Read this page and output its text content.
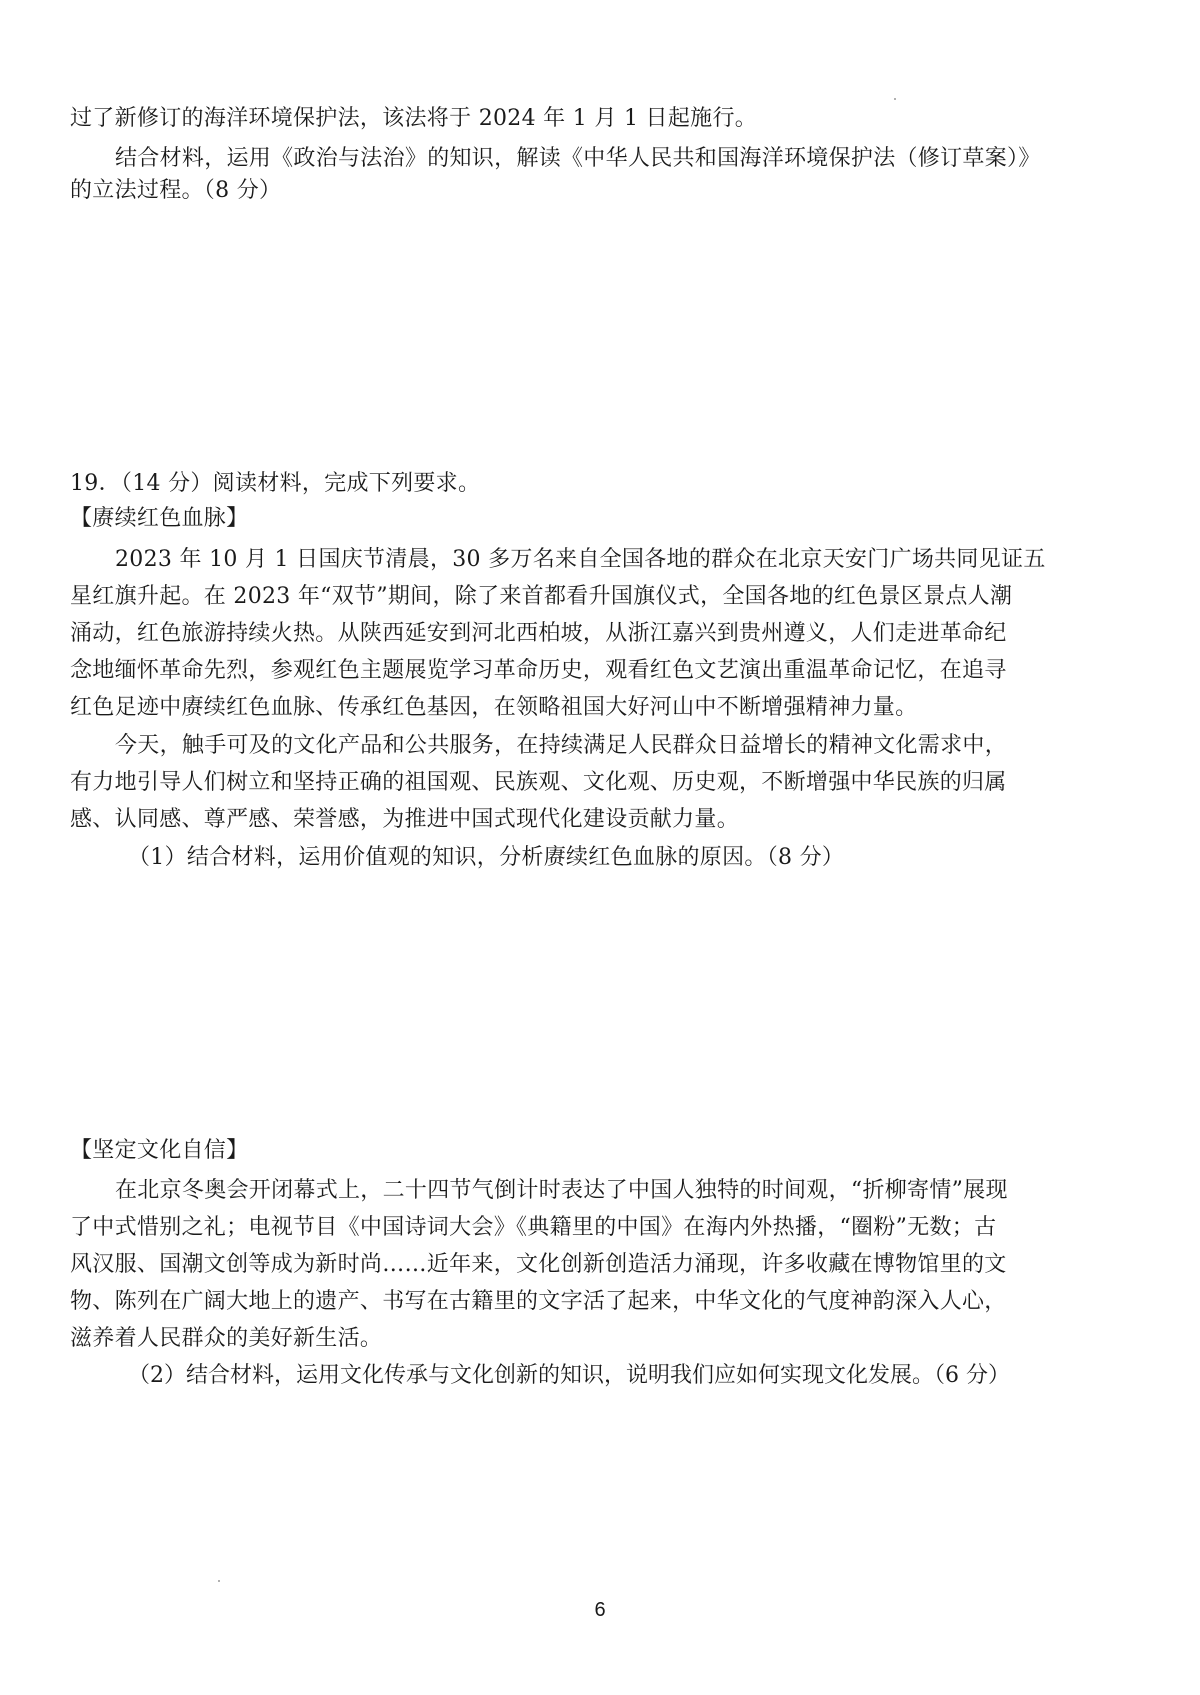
过了新修订的海洋环境保护法，该法将于 2024 年 1 月 1 日起施行。
结合材料，运用《政治与法治》的知识，解读《中华人民共和国海洋环境保护法（修订草案）》
的立法过程。（8 分）
19．（14 分）阅读材料，完成下列要求。
【赓续红色血脉】
2023 年 10 月 1 日国庆节清晨，30 多万名来自全国各地的群众在北京天安门广场共同见证五
星红旗升起。在 2023 年“双节”期间，除了来首都看升国旗仪式，全国各地的红色景区景点人潮
涌动，红色旅游持续火热。从陕西延安到河北西柏坡，从浙江嘉兴到贵州遵义，人们走进革命纪
念地缅怀革命先烈，参观红色主题展览学习革命历史，观看红色文艺演出重温革命记忆，在追寻
红色足迹中赓续红色血脉、传承红色基因，在领略祖国大好河山中不断增强精神力量。
今天，触手可及的文化产品和公共服务，在持续满足人民群众日益增长的精神文化需求中，
有力地引导人们树立和坚持正确的祖国观、民族观、文化观、历史观，不断增强中华民族的归属
感、认同感、尊严感、荣誉感，为推进中国式现代化建设贡献力量。
（1）结合材料，运用价值观的知识，分析赓续红色血脉的原因。（8 分）
【坚定文化自信】
在北京冬奥会开闭幕式上，二十四节气倒计时表达了中国人独特的时间观，“折柳寄情”展现
了中式惜别之礼；电视节目《中国诗词大会》《典籍里的中国》在海内外热播，“圈粉”无数；古
风汉服、国潮文创等成为新时尚……近年来，文化创新创造活力涌现，许多收藏在博物馆里的文
物、陈列在广阔大地上的遗产、书写在古籍里的文字活了起来，中华文化的气度神韵深入人心，
滋养着人民群众的美好新生活。
（2）结合材料，运用文化传承与文化创新的知识，说明我们应如何实现文化发展。（6 分）
6
